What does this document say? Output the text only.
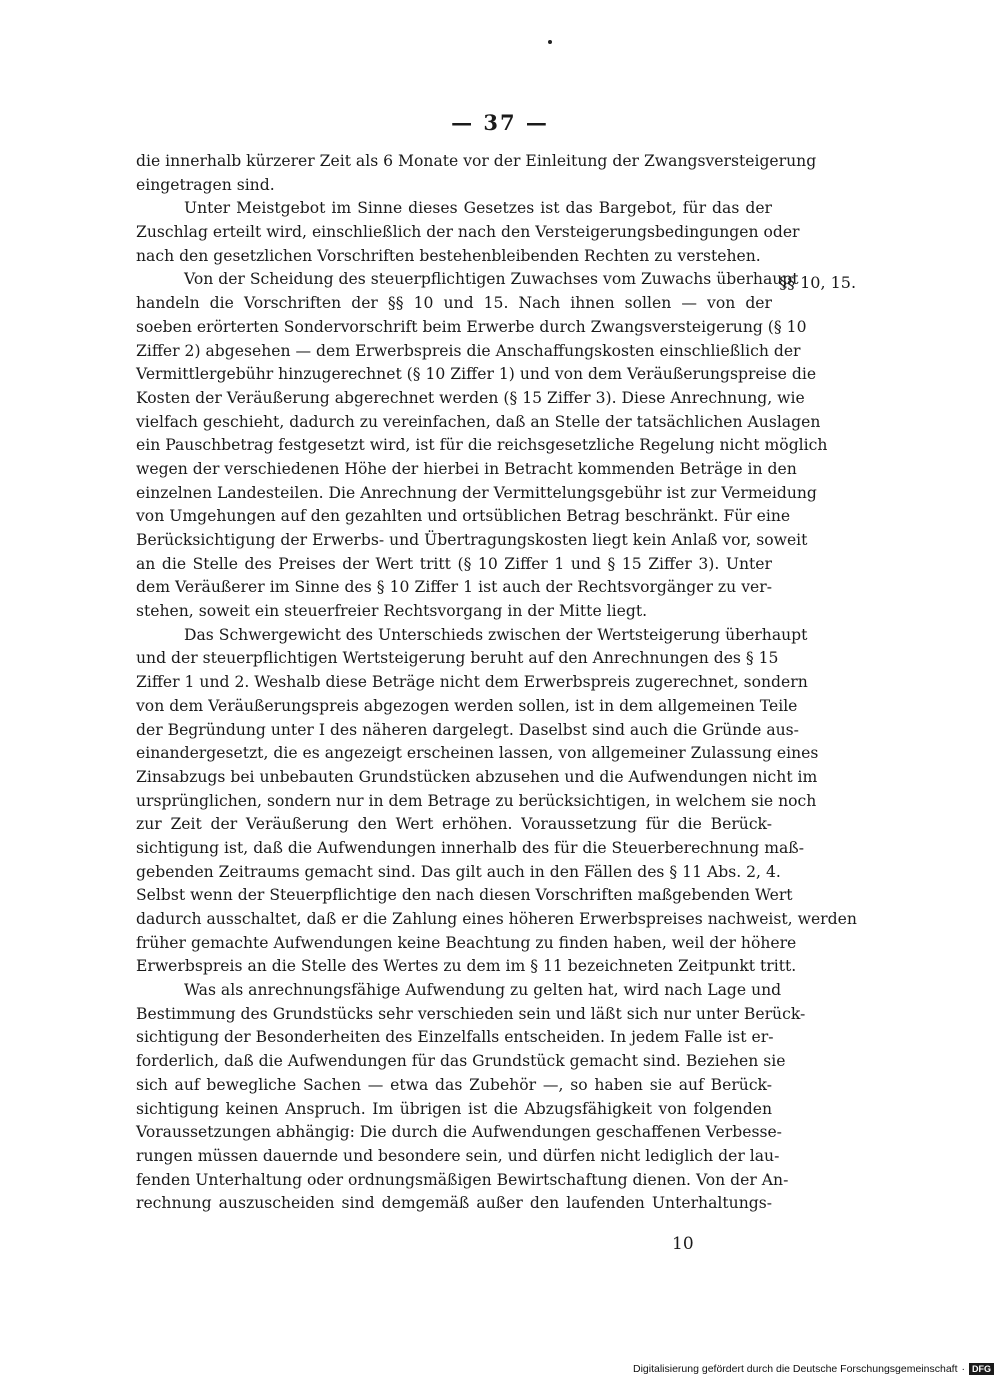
— 37 —
die innerhalb kürzerer Zeit als 6 Monate vor der Einleitung der Zwangsversteigerung
eingetragen sind.
Unter Meistgebot im Sinne dieses Gesetzes ist das Bargebot, für das der
Zuschlag erteilt wird, einschließlich der nach den Versteigerungsbedingungen oder
nach den gesetzlichen Vorschriften bestehenbleibenden Rechten zu verstehen.
Von der Scheidung des steuerpflichtigen Zuwachses vom Zuwachs überhaupt
handeln die Vorschriften der §§ 10 und 15. Nach ihnen sollen — von der
soeben erörterten Sondervorschrift beim Erwerbe durch Zwangsversteigerung (§ 10
Ziffer 2) abgesehen — dem Erwerbspreis die Anschaffungskosten einschließlich der
Vermittlergebühr hinzugerechnet (§ 10 Ziffer 1) und von dem Veräußerungspreise die
Kosten der Veräußerung abgerechnet werden (§ 15 Ziffer 3). Diese Anrechnung, wie
vielfach geschieht, dadurch zu vereinfachen, daß an Stelle der tatsächlichen Auslagen
ein Pauschbetrag festgesetzt wird, ist für die reichsgesetzliche Regelung nicht möglich
wegen der verschiedenen Höhe der hierbei in Betracht kommenden Beträge in den
einzelnen Landesteilen. Die Anrechnung der Vermittelungsgebühr ist zur Vermeidung
von Umgehungen auf den gezahlten und ortsüblichen Betrag beschränkt. Für eine
Berücksichtigung der Erwerbs- und Übertragungskosten liegt kein Anlaß vor, soweit
an die Stelle des Preises der Wert tritt (§ 10 Ziffer 1 und § 15 Ziffer 3). Unter
dem Veräußerer im Sinne des § 10 Ziffer 1 ist auch der Rechtsvorgänger zu ver-
stehen, soweit ein steuerfreier Rechtsvorgang in der Mitte liegt.
Das Schwergewicht des Unterschieds zwischen der Wertsteigerung überhaupt
und der steuerpflichtigen Wertsteigerung beruht auf den Anrechnungen des § 15
Ziffer 1 und 2. Weshalb diese Beträge nicht dem Erwerbspreis zugerechnet, sondern
von dem Veräußerungspreis abgezogen werden sollen, ist in dem allgemeinen Teile
der Begründung unter I des näheren dargelegt. Daselbst sind auch die Gründe aus-
einandergesetzt, die es angezeigt erscheinen lassen, von allgemeiner Zulassung eines
Zinsabzugs bei unbebauten Grundstücken abzusehen und die Aufwendungen nicht im
ursprünglichen, sondern nur in dem Betrage zu berücksichtigen, in welchem sie noch
zur Zeit der Veräußerung den Wert erhöhen. Voraussetzung für die Berück-
sichtigung ist, daß die Aufwendungen innerhalb des für die Steuerberechnung maß-
gebenden Zeitraums gemacht sind. Das gilt auch in den Fällen des § 11 Abs. 2, 4.
Selbst wenn der Steuerpflichtige den nach diesen Vorschriften maßgebenden Wert
dadurch ausschaltet, daß er die Zahlung eines höheren Erwerbspreises nachweist, werden
früher gemachte Aufwendungen keine Beachtung zu finden haben, weil der höhere
Erwerbspreis an die Stelle des Wertes zu dem im § 11 bezeichneten Zeitpunkt tritt.
Was als anrechnungsfähige Aufwendung zu gelten hat, wird nach Lage und
Bestimmung des Grundstücks sehr verschieden sein und läßt sich nur unter Berück-
sichtigung der Besonderheiten des Einzelfalls entscheiden. In jedem Falle ist er-
forderlich, daß die Aufwendungen für das Grundstück gemacht sind. Beziehen sie
sich auf bewegliche Sachen — etwa das Zubehör —, so haben sie auf Berück-
sichtigung keinen Anspruch. Im übrigen ist die Abzugsfähigkeit von folgenden
Voraussetzungen abhängig: Die durch die Aufwendungen geschaffenen Verbesse-
rungen müssen dauernde und besondere sein, und dürfen nicht lediglich der lau-
fenden Unterhaltung oder ordnungsmäßigen Bewirtschaftung dienen. Von der An-
rechnung auszuscheiden sind demgemäß außer den laufenden Unterhaltungs-
§§ 10, 15.
10
Digitalisierung gefördert durch die Deutsche Forschungsgemeinschaft · DFG
